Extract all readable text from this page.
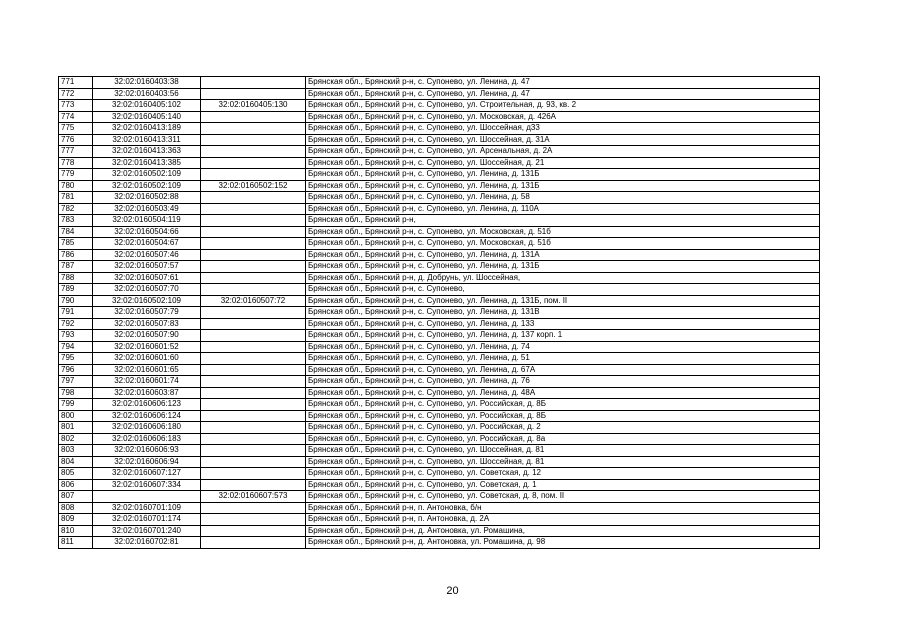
771	32:02:0160403:38		Брянская обл., Брянский р-н, с. Супонево, ул. Ленина, д. 47
772	32:02:0160403:56		Брянская обл., Брянский р-н, с. Супонево, ул. Ленина, д. 47
773	32:02:0160405:102	32:02:0160405:130	Брянская обл., Брянский р-н, с. Супонево, ул. Строительная, д. 93, кв. 2
774	32:02:0160405:140		Брянская обл., Брянский р-н, с. Супонево, ул. Московская, д. 426А
775	32:02:0160413:189		Брянская обл., Брянский р-н, с. Супонево, ул. Шоссейная, д33
776	32:02:0160413:311		Брянская обл., Брянский р-н, с. Супонево, ул. Шоссейная, д. 31А
777	32:02:0160413:363		Брянская обл., Брянский р-н, с. Супонево, ул. Арсенальная, д. 2А
778	32:02:0160413:385		Брянская обл., Брянский р-н, с. Супонево, ул. Шоссейная, д. 21
779	32:02:0160502:109		Брянская обл., Брянский р-н, с. Супонево, ул. Ленина, д. 131Б
780	32:02:0160502:109	32:02:0160502:152	Брянская обл., Брянский р-н, с. Супонево, ул. Ленина, д. 131Б
781	32:02:0160502:88		Брянская обл., Брянский р-н, с. Супонево, ул. Ленина, д. 58
782	32:02:0160503:49		Брянская обл., Брянский р-н, с. Супонево, ул. Ленина, д. 110А
783	32:02:0160504:119		Брянская обл., Брянский р-н,
784	32:02:0160504:66		Брянская обл., Брянский р-н, с. Супонево, ул. Московская, д. 51б
785	32:02:0160504:67		Брянская обл., Брянский р-н, с. Супонево, ул. Московская, д. 51б
786	32:02:0160507:46		Брянская обл., Брянский р-н, с. Супонево, ул. Ленина, д. 131А
787	32:02:0160507:57		Брянская обл., Брянский р-н, с. Супонево, ул. Ленина, д. 131Б
788	32:02:0160507:61		Брянская обл., Брянский р-н, д. Добрунь, ул. Шоссейная,
789	32:02:0160507:70		Брянская обл., Брянский р-н, с. Супонево,
790	32:02:0160502:109	32:02:0160507:72	Брянская обл., Брянский р-н, с. Супонево, ул. Ленина, д. 131Б, пом. II
791	32:02:0160507:79		Брянская обл., Брянский р-н, с. Супонево, ул. Ленина, д. 131В
792	32:02:0160507:83		Брянская обл., Брянский р-н, с. Супонево, ул. Ленина, д. 133
793	32:02:0160507:90		Брянская обл., Брянский р-н, с. Супонево, ул. Ленина, д. 137 корп. 1
794	32:02:0160601:52		Брянская обл., Брянский р-н, с. Супонево, ул. Ленина, д. 74
795	32:02:0160601:60		Брянская обл., Брянский р-н, с. Супонево, ул. Ленина, д. 51
796	32:02:0160601:65		Брянская обл., Брянский р-н, с. Супонево, ул. Ленина, д. 67А
797	32:02:0160601:74		Брянская обл., Брянский р-н, с. Супонево, ул. Ленина, д. 76
798	32:02:0160603:87		Брянская обл., Брянский р-н, с. Супонево, ул. Ленина, д. 48А
799	32:02:0160606:123		Брянская обл., Брянский р-н, с. Супонево, ул. Российская, д. 8Б
800	32:02:0160606:124		Брянская обл., Брянский р-н, с. Супонево, ул. Российская, д. 8Б
801	32:02:0160606:180		Брянская обл., Брянский р-н, с. Супонево, ул. Российская, д. 2
802	32:02:0160606:183		Брянская обл., Брянский р-н, с. Супонево, ул. Российская, д. 8а
803	32:02:0160606:93		Брянская обл., Брянский р-н, с. Супонево, ул. Шоссейная, д. 81
804	32:02:0160606:94		Брянская обл., Брянский р-н, с. Супонево, ул. Шоссейная, д. 81
805	32:02:0160607:127		Брянская обл., Брянский р-н, с. Супонево, ул. Советская, д. 12
806	32:02:0160607:334		Брянская обл., Брянский р-н, с. Супонево, ул. Советская, д. 1
807		32:02:0160607:573	Брянская обл., Брянский р-н, с. Супонево, ул. Советская, д. 8, пом. II
808	32:02:0160701:109		Брянская обл., Брянский р-н, п. Антоновка, б/н
809	32:02:0160701:174		Брянская обл., Брянский р-н, п. Антоновка, д. 2А
810	32:02:0160701:240		Брянская обл., Брянский р-н, д. Антоновка, ул. Ромашина,
811	32:02:0160702:81		Брянская обл., Брянский р-н, д. Антоновка, ул. Ромашина, д. 98
20
